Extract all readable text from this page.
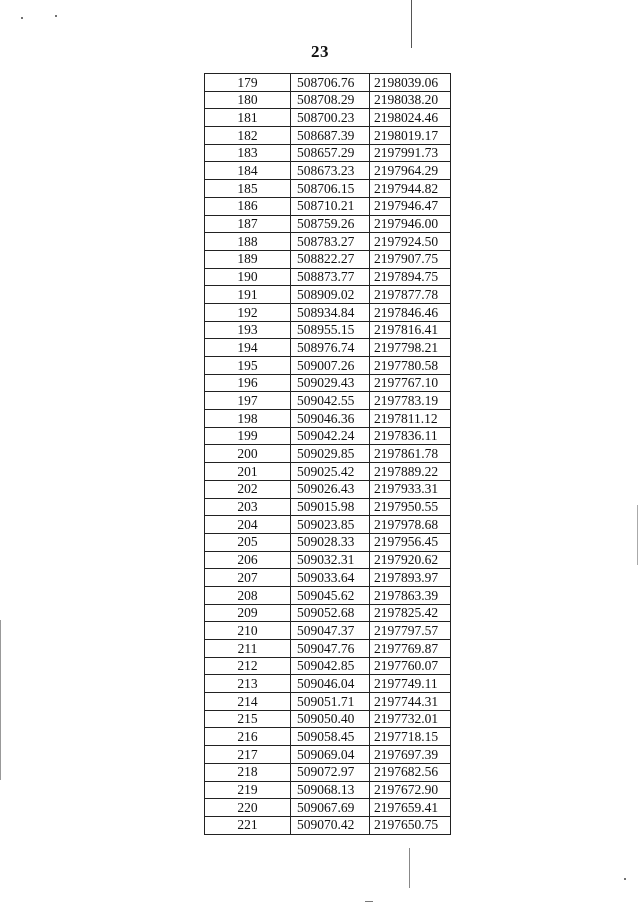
23
179	508706.76	2198039.06
180	508708.29	2198038.20
181	508700.23	2198024.46
182	508687.39	2198019.17
183	508657.29	2197991.73
184	508673.23	2197964.29
185	508706.15	2197944.82
186	508710.21	2197946.47
187	508759.26	2197946.00
188	508783.27	2197924.50
189	508822.27	2197907.75
190	508873.77	2197894.75
191	508909.02	2197877.78
192	508934.84	2197846.46
193	508955.15	2197816.41
194	508976.74	2197798.21
195	509007.26	2197780.58
196	509029.43	2197767.10
197	509042.55	2197783.19
198	509046.36	2197811.12
199	509042.24	2197836.11
200	509029.85	2197861.78
201	509025.42	2197889.22
202	509026.43	2197933.31
203	509015.98	2197950.55
204	509023.85	2197978.68
205	509028.33	2197956.45
206	509032.31	2197920.62
207	509033.64	2197893.97
208	509045.62	2197863.39
209	509052.68	2197825.42
210	509047.37	2197797.57
211	509047.76	2197769.87
212	509042.85	2197760.07
213	509046.04	2197749.11
214	509051.71	2197744.31
215	509050.40	2197732.01
216	509058.45	2197718.15
217	509069.04	2197697.39
218	509072.97	2197682.56
219	509068.13	2197672.90
220	509067.69	2197659.41
221	509070.42	2197650.75
